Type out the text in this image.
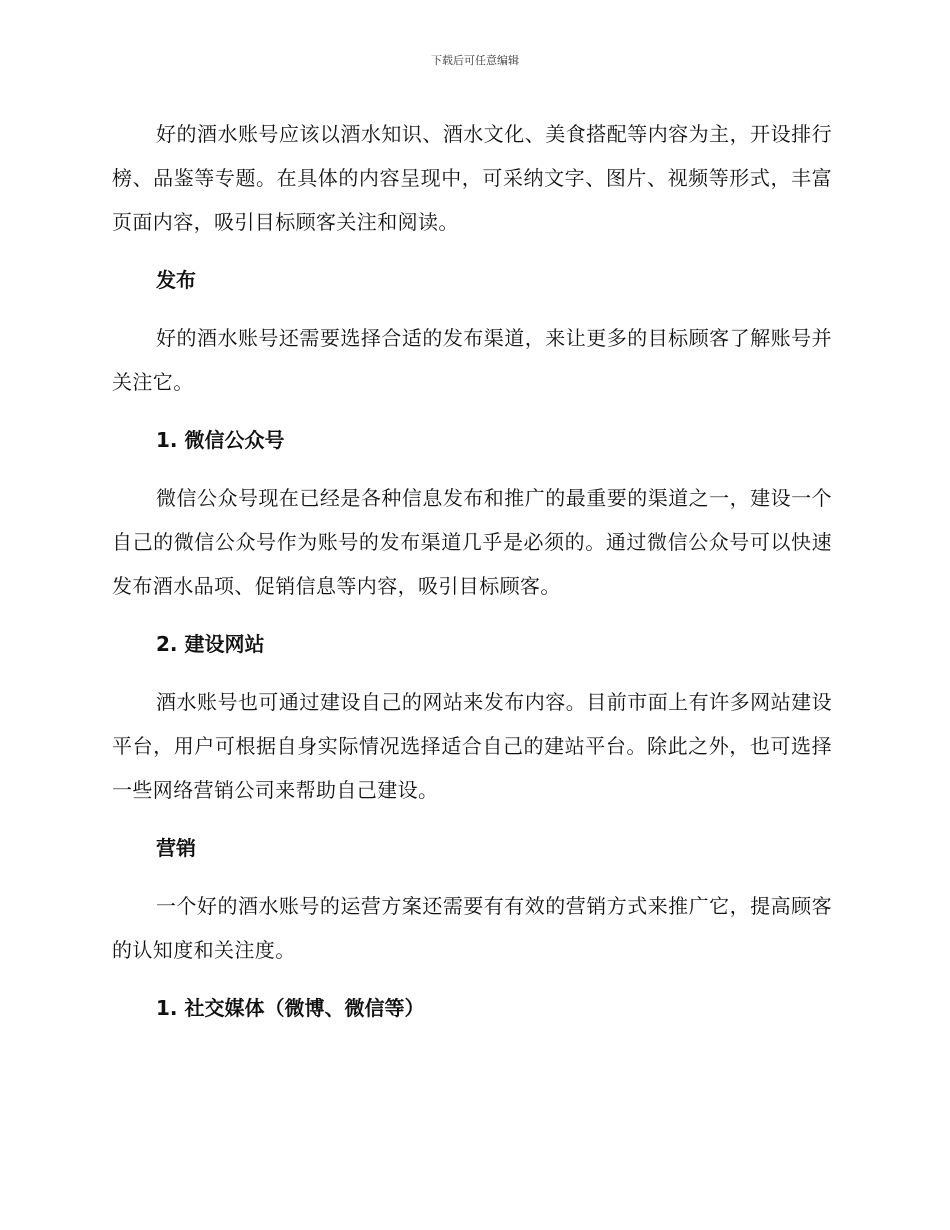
下载后可任意编辑

好的酒水账号应该以酒水知识、酒水文化、美食搭配等内容为主，开设排行榜、品鉴等专题。在具体的内容呈现中，可采纳文字、图片、视频等形式，丰富页面内容，吸引目标顾客关注和阅读。

发布

好的酒水账号还需要选择合适的发布渠道，来让更多的目标顾客了解账号并关注它。

1. 微信公众号

微信公众号现在已经是各种信息发布和推广的最重要的渠道之一，建设一个自己的微信公众号作为账号的发布渠道几乎是必须的。通过微信公众号可以快速发布酒水品项、促销信息等内容，吸引目标顾客。

2. 建设网站

酒水账号也可通过建设自己的网站来发布内容。目前市面上有许多网站建设平台，用户可根据自身实际情况选择适合自己的建站平台。除此之外，也可选择一些网络营销公司来帮助自己建设。

营销

一个好的酒水账号的运营方案还需要有有效的营销方式来推广它，提高顾客的认知度和关注度。

1. 社交媒体（微博、微信等）
